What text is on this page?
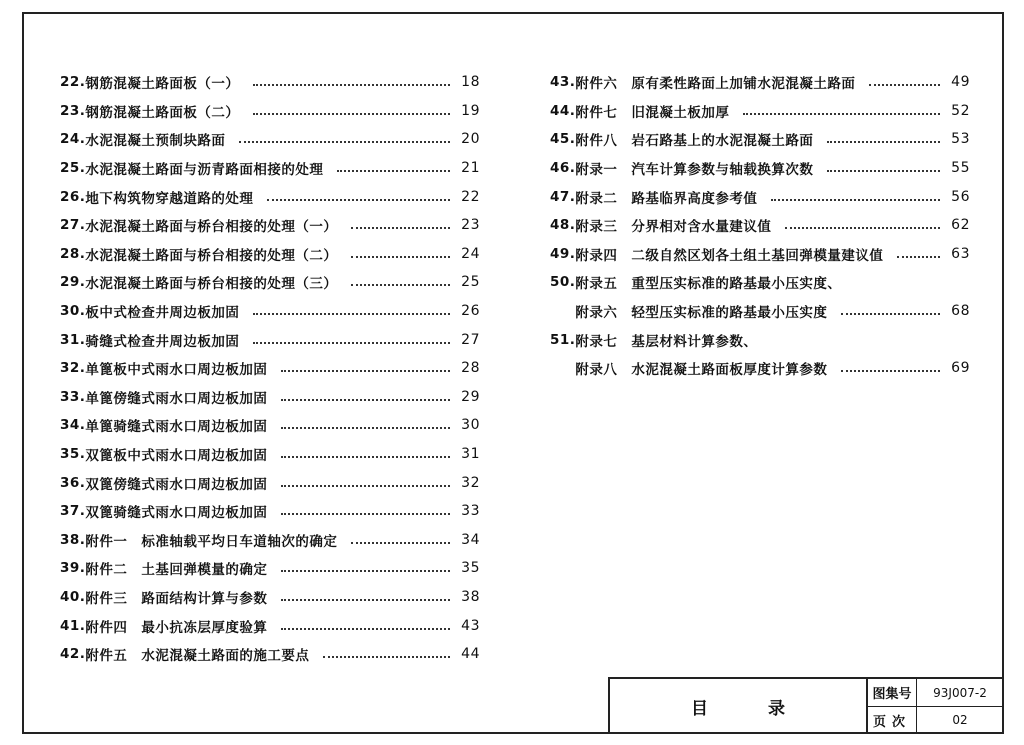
22. 钢筋混凝土路面板（一）	18
23. 钢筋混凝土路面板（二）	19
24. 水泥混凝土预制块路面	20
25. 水泥混凝土路面与沥青路面相接的处理	21
26. 地下构筑物穿越道路的处理	22
27. 水泥混凝土路面与桥台相接的处理（一）	23
28. 水泥混凝土路面与桥台相接的处理（二）	24
29. 水泥混凝土路面与桥台相接的处理（三）	25
30. 板中式检查井周边板加固	26
31. 骑缝式检查井周边板加固	27
32. 单篦板中式雨水口周边板加固	28
33. 单篦傍缝式雨水口周边板加固	29
34. 单篦骑缝式雨水口周边板加固	30
35. 双篦板中式雨水口周边板加固	31
36. 双篦傍缝式雨水口周边板加固	32
37. 双篦骑缝式雨水口周边板加固	33
38. 附件一　标准轴载平均日车道轴次的确定	34
39. 附件二　土基回弹模量的确定	35
40. 附件三　路面结构计算与参数	38
41. 附件四　最小抗冻层厚度验算	43
42. 附件五　水泥混凝土路面的施工要点	44
43. 附件六　原有柔性路面上加铺水泥混凝土路面	49
44. 附件七　旧混凝土板加厚	52
45. 附件八　岩石路基上的水泥混凝土路面	53
46. 附录一　汽车计算参数与轴载换算次数	55
47. 附录二　路基临界高度参考值	56
48. 附录三　分界相对含水量建议值	62
49. 附录四　二级自然区划各土组土基回弹模量建议值	63
50. 附录五　重型压实标准的路基最小压实度、
附录六　轻型压实标准的路基最小压实度	68
51. 附录七　基层材料计算参数、
附录八　水泥混凝土路面板厚度计算参数	69
目	录
图集号	93J007-2
页次	02
